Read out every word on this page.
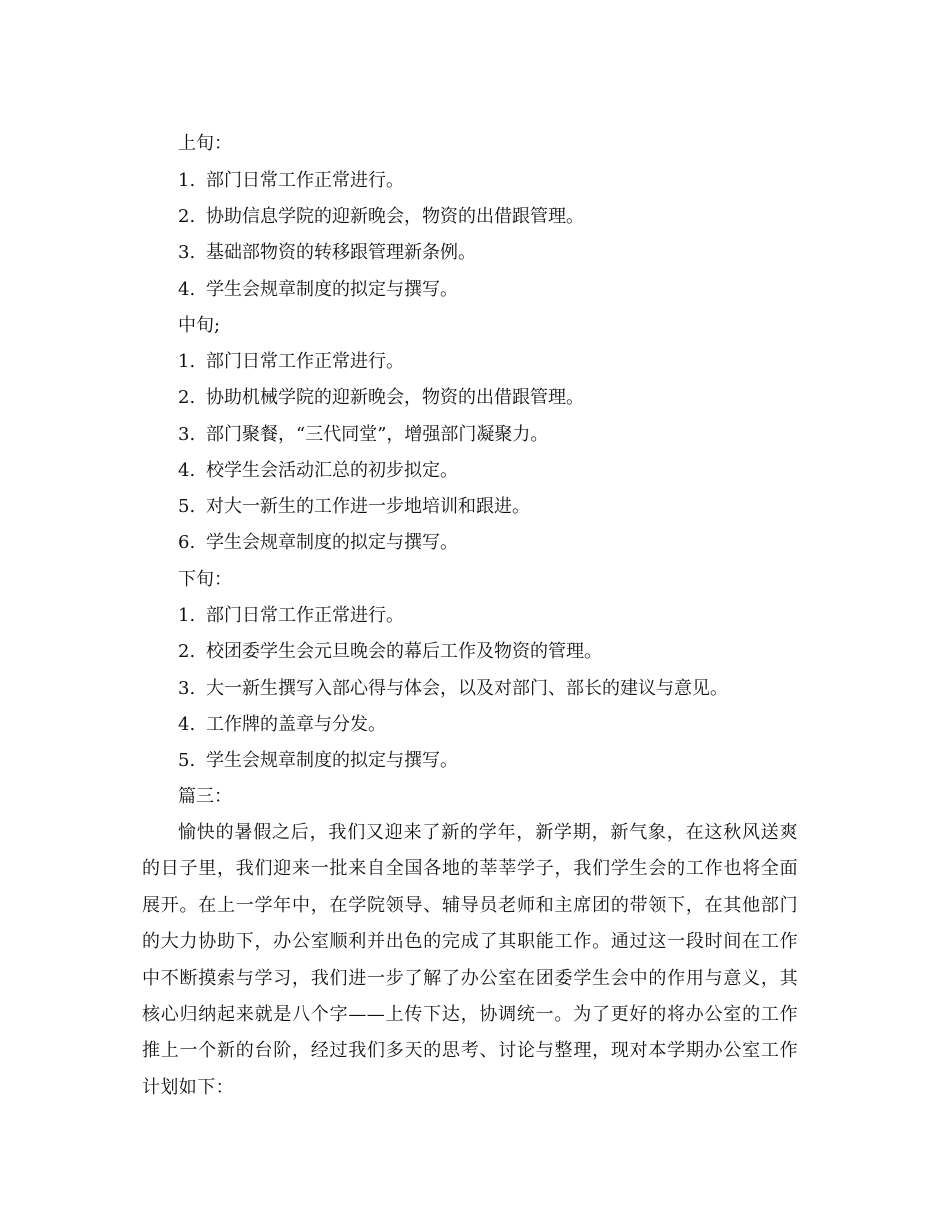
上旬：
1. 部门日常工作正常进行。
2. 协助信息学院的迎新晚会，物资的出借跟管理。
3. 基础部物资的转移跟管理新条例。
4. 学生会规章制度的拟定与撰写。
中旬;
1. 部门日常工作正常进行。
2. 协助机械学院的迎新晚会，物资的出借跟管理。
3. 部门聚餐，“三代同堂”，增强部门凝聚力。
4. 校学生会活动汇总的初步拟定。
5. 对大一新生的工作进一步地培训和跟进。
6. 学生会规章制度的拟定与撰写。
下旬：
1. 部门日常工作正常进行。
2. 校团委学生会元旦晚会的幕后工作及物资的管理。
3. 大一新生撰写入部心得与体会，以及对部门、部长的建议与意见。
4. 工作牌的盖章与分发。
5. 学生会规章制度的拟定与撰写。
篇三：
愉快的暑假之后，我们又迎来了新的学年，新学期，新气象，在这秋风送爽的日子里，我们迎来一批来自全国各地的莘莘学子，我们学生会的工作也将全面展开。在上一学年中，在学院领导、辅导员老师和主席团的带领下，在其他部门的大力协助下，办公室顺利并出色的完成了其职能工作。通过这一段时间在工作中不断摸索与学习，我们进一步了解了办公室在团委学生会中的作用与意义，其核心归纳起来就是八个字——上传下达，协调统一。为了更好的将办公室的工作推上一个新的台阶，经过我们多天的思考、讨论与整理，现对本学期办公室工作计划如下：
